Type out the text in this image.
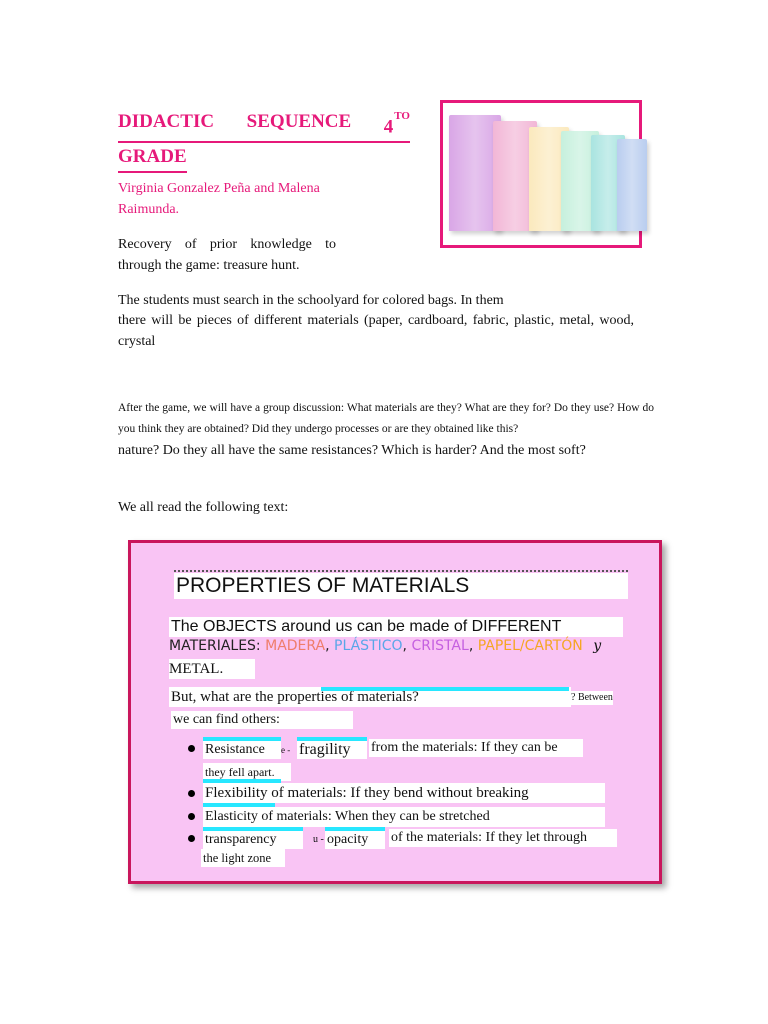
DIDACTIC SEQUENCE $4^{TO}$
GRADE
Virginia Gonzalez Peña and Malena Raimunda.
Recovery of prior knowledge to
through the game: treasure hunt.
The students must search in the schoolyard for colored bags. In them
there will be pieces of different materials (paper, cardboard, fabric, plastic, metal, wood, crystal
After the game, we will have a group discussion: What materials are they? What are they for? Do they use? How do you think they are obtained? Did they undergo processes or are they obtained like this?
nature? Do they all have the same resistances? Which is harder? And the most soft?
We all read the following text:
PROPERTIES OF MATERIALS
The OBJECTS around us can be made of DIFFERENT
MATERIALES: MADERA, PLÁSTICO, CRISTAL, PAPEL/CARTÓN y
METAL.
But, what are the properties of materials?	? Between
we can find others:
Resistance	e - fragility	from the materials: If they can be
they fell apart.
Flexibility of materials: If they bend without breaking
Elasticity of materials: When they can be stretched
transparency	u - opacity	of the materials: If they let through
the light zone
